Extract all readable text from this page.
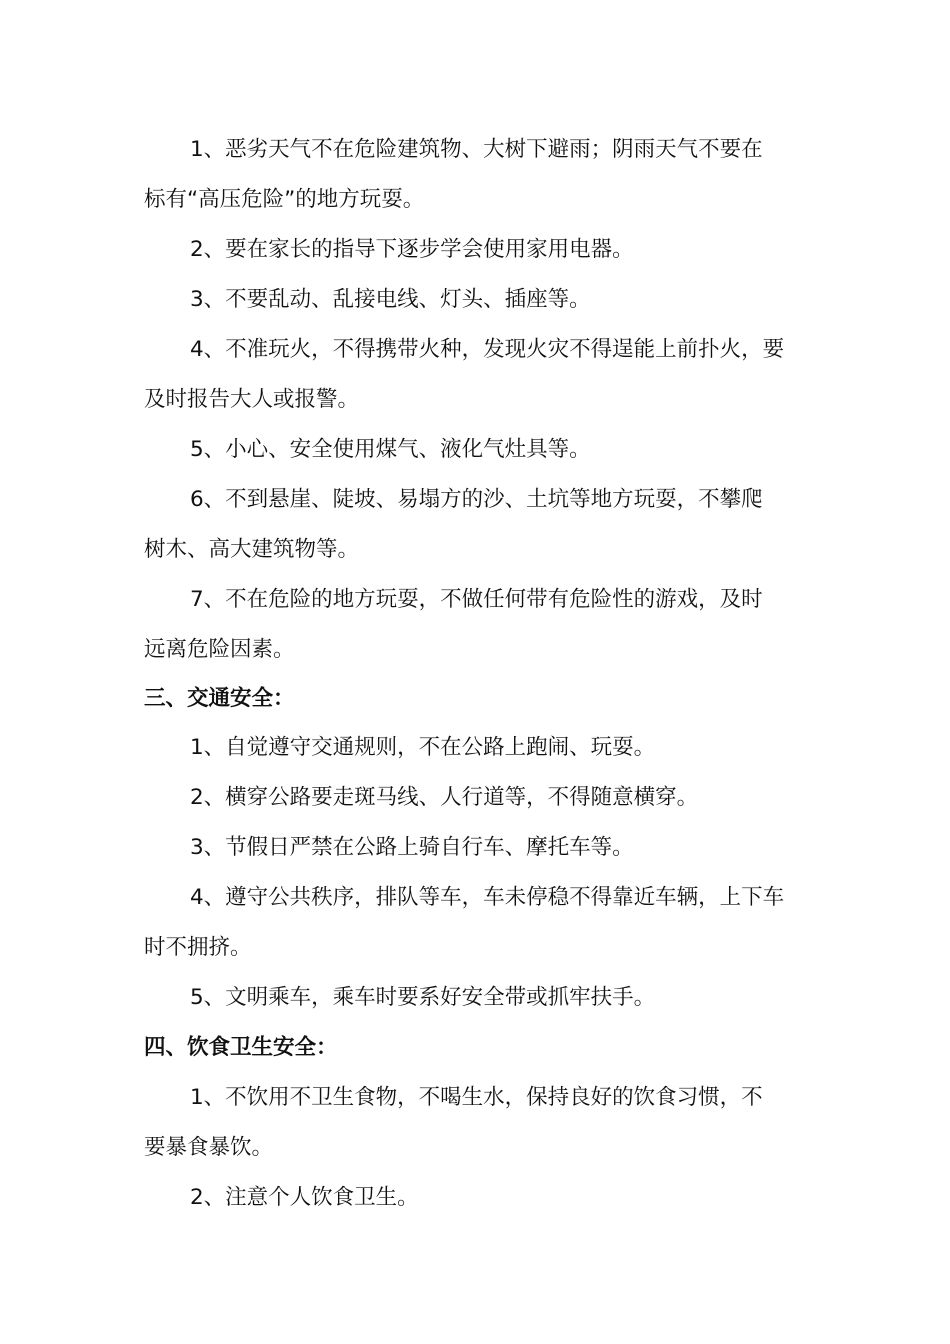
1、恶劣天气不在危险建筑物、大树下避雨；阴雨天气不要在
标有“高压危险”的地方玩耍。
2、要在家长的指导下逐步学会使用家用电器。
3、不要乱动、乱接电线、灯头、插座等。
4、不准玩火，不得携带火种，发现火灾不得逞能上前扑火，要
及时报告大人或报警。
5、小心、安全使用煤气、液化气灶具等。
6、不到悬崖、陡坡、易塌方的沙、土坑等地方玩耍，不攀爬
树木、高大建筑物等。
7、不在危险的地方玩耍，不做任何带有危险性的游戏，及时
远离危险因素。
三、交通安全：
1、自觉遵守交通规则，不在公路上跑闹、玩耍。
2、横穿公路要走斑马线、人行道等，不得随意横穿。
3、节假日严禁在公路上骑自行车、摩托车等。
4、遵守公共秩序，排队等车，车未停稳不得靠近车辆，上下车
时不拥挤。
5、文明乘车，乘车时要系好安全带或抓牢扶手。
四、饮食卫生安全：
1、不饮用不卫生食物，不喝生水，保持良好的饮食习惯，不
要暴食暴饮。
2、注意个人饮食卫生。
